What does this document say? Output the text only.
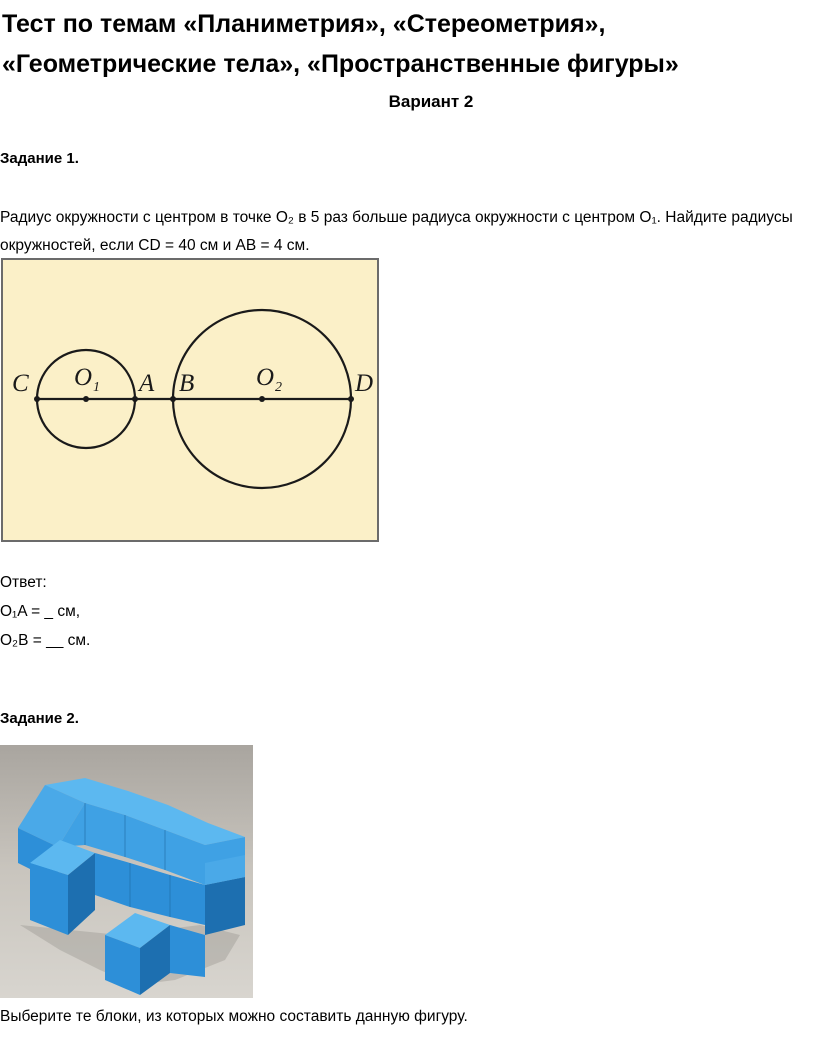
Тест по темам «Планиметрия», «Стереометрия», «Геометрические тела», «Пространственные фигуры»
Вариант 2
Задание 1.

Радиус окружности с центром в точке O₂ в 5 раз больше радиуса окружности с центром O₁. Найдите радиусы окружностей, если CD = 40 см и AB = 4 см.

C O 1 A B O 2	D
Ответ:
O₁A = _ см,
O₂B = __ см.
Задание 2.

Выберите те блоки, из которых можно составить данную фигуру.
